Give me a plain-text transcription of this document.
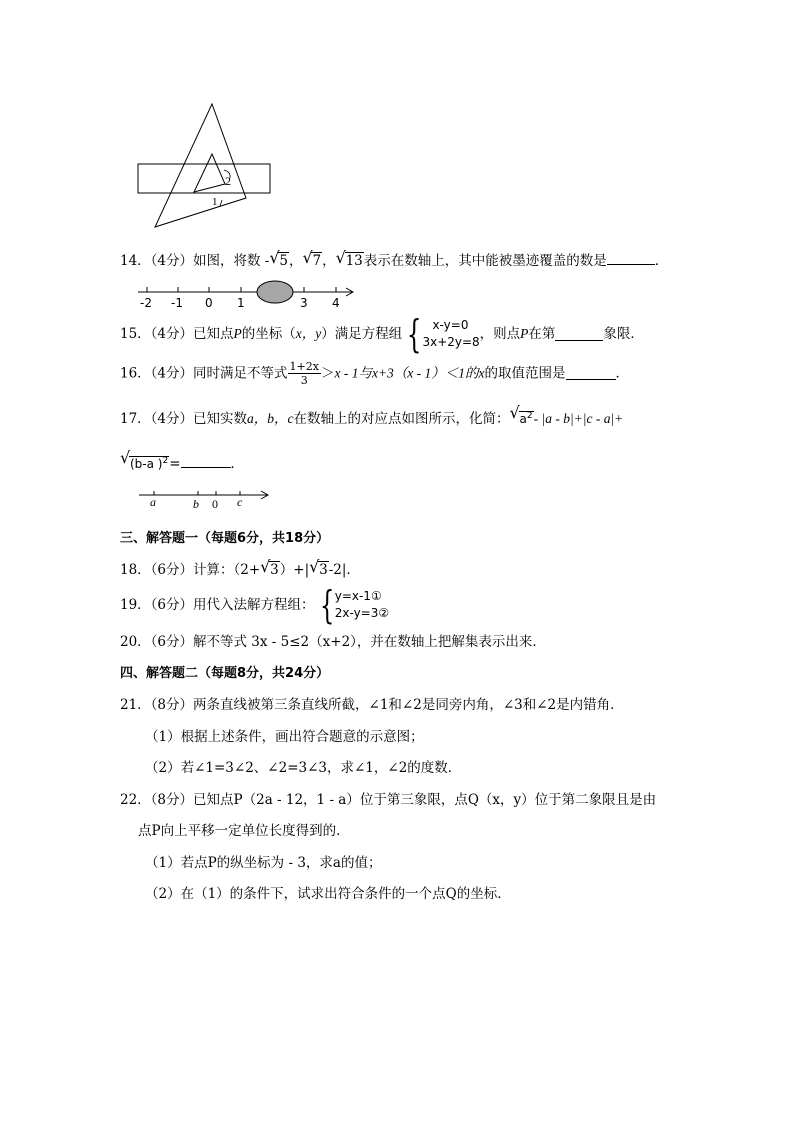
2
1
14．（4分）如图，将数 - √ 5， √ 7， √ 13表示在数轴上，其中能被墨迹覆盖的数是	．
-2 -1 0 1	3 4
15．（4分）已知点P的坐标（x，y）满足方程组 { x-y=0
3x+2y=8 ，则点P在第	象限．
16．（4分）同时满足不等式 $\frac{1+2x}{3} >x - 1$与x+3（x - 1）＜1的x的取值范围是	．
17．（4分）已知实数a，b，c在数轴上的对应点如图所示，化简： √ $a^2-$ |a - b|+|c - a|+
√ (b-a )$^2$=	．
a	b 0 c
三、解答题一（每题6分，共18分）
18．（6分）计算：（2+ √ 3）+| √ 3-2|．
19．（6分）用代入法解方程组： { y=x-1①
2x-y=3②
20．（6分）解不等式 3x - 5≤2（x+2），并在数轴上把解集表示出来．
四、解答题二（每题8分，共24分）
21．（8分）两条直线被第三条直线所截，∠1和∠2是同旁内角，∠3和∠2是内错角．
（1）根据上述条件，画出符合题意的示意图；
（2）若∠1=3∠2、∠2=3∠3，求∠1，∠2的度数．
22．（8分）已知点P（2a - 12，1 - a）位于第三象限，点Q（x，y）位于第二象限且是由
点P向上平移一定单位长度得到的．
（1）若点P的纵坐标为 - 3，求a的值；
（2）在（1）的条件下，试求出符合条件的一个点Q的坐标．
